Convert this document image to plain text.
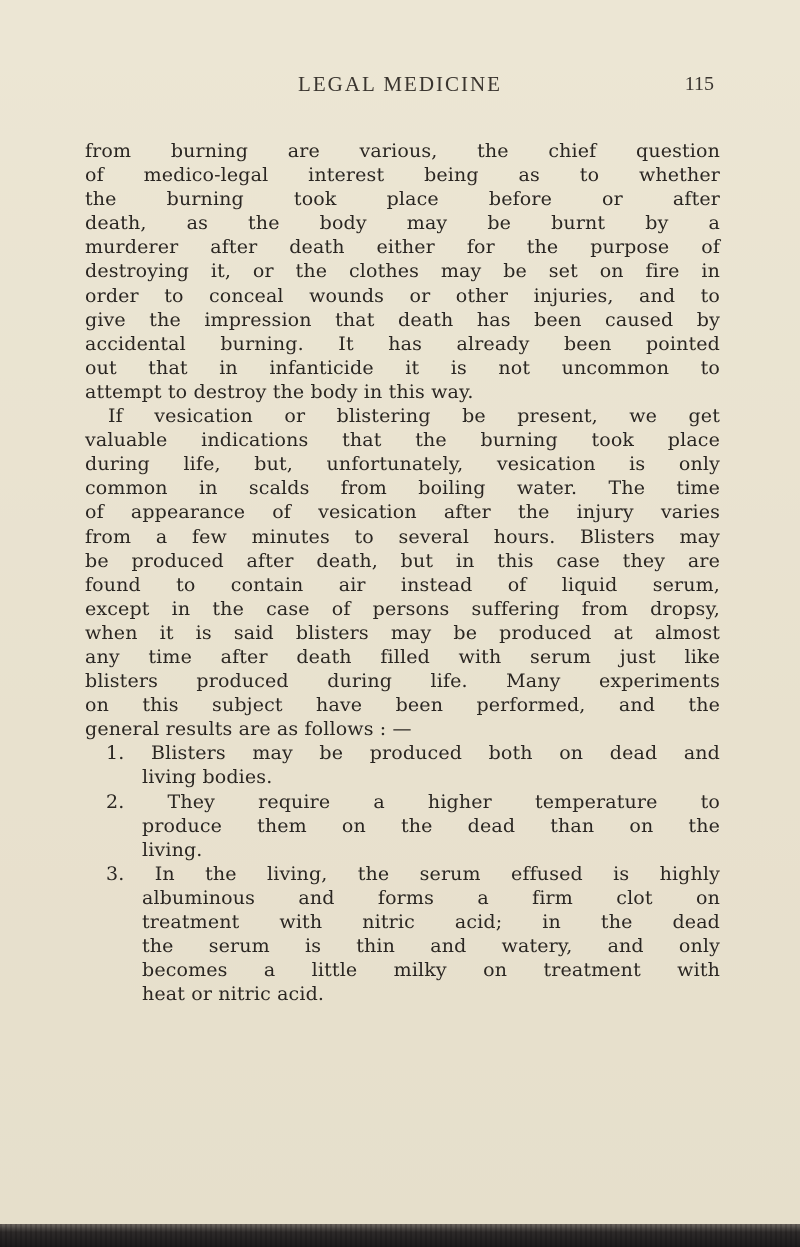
LEGAL MEDICINE	115
from burning are various, the chief question
of medico-legal interest being as to whether
the burning took place before or after
death, as the body may be burnt by a
murderer after death either for the purpose of
destroying it, or the clothes may be set on fire in
order to conceal wounds or other injuries, and to
give the impression that death has been caused by
accidental burning. It has already been pointed
out that in infanticide it is not uncommon to
attempt to destroy the body in this way.
If vesication or blistering be present, we get
valuable indications that the burning took place
during life, but, unfortunately, vesication is only
common in scalds from boiling water. The time
of appearance of vesication after the injury varies
from a few minutes to several hours. Blisters may
be produced after death, but in this case they are
found to contain air instead of liquid serum,
except in the case of persons suffering from dropsy,
when it is said blisters may be produced at almost
any time after death filled with serum just like
blisters produced during life. Many experiments
on this subject have been performed, and the
general results are as follows : —
1. Blisters may be produced both on dead and
living bodies.
2. They require a higher temperature to
produce them on the dead than on the
living.
3. In the living, the serum effused is highly
albuminous and forms a firm clot on
treatment with nitric acid; in the dead
the serum is thin and watery, and only
becomes a little milky on treatment with
heat or nitric acid.
